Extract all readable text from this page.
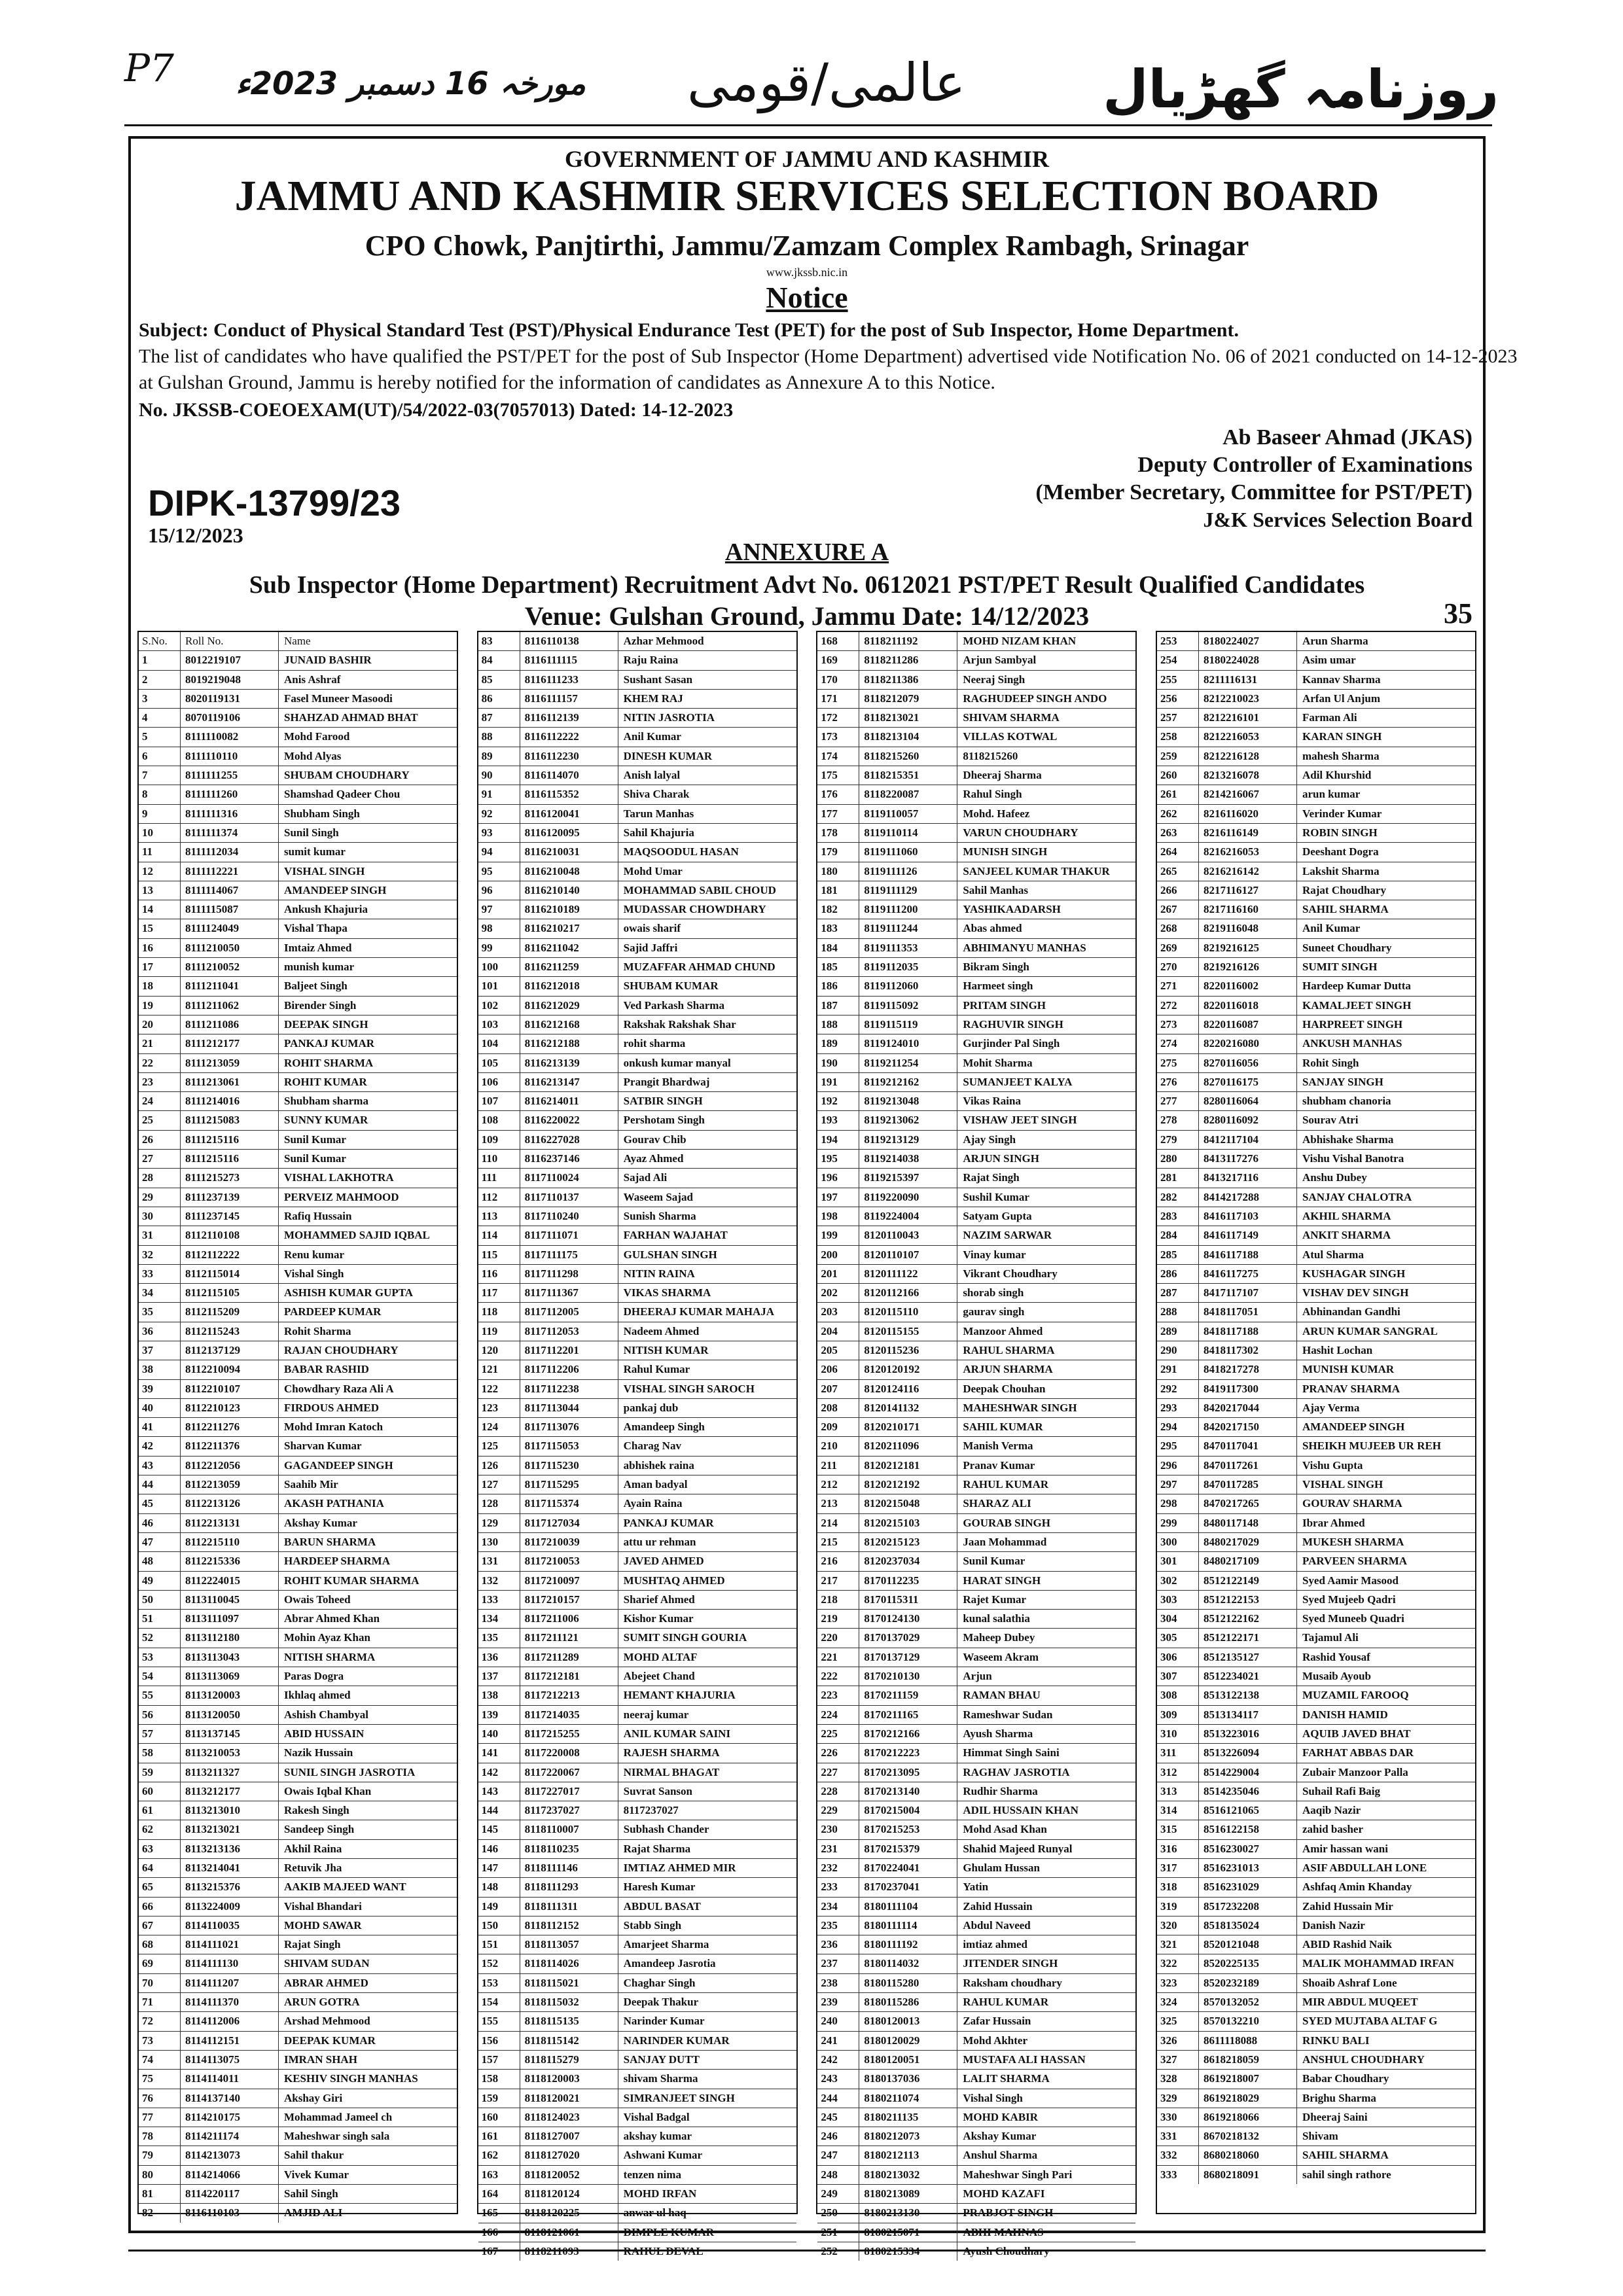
P7 مورخہ 16 دسمبر 2023ء عالمی/قومی	روزنامہ گھڑیال
GOVERNMENT OF JAMMU AND KASHMIR
JAMMU AND KASHMIR SERVICES SELECTION BOARD
CPO Chowk, Panjtirthi, Jammu/Zamzam Complex Rambagh, Srinagar
www.jkssb.nic.in
Notice
Subject: Conduct of Physical Standard Test (PST)/Physical Endurance Test (PET) for the post of Sub Inspector, Home Department.
The list of candidates who have qualified the PST/PET for the post of Sub Inspector (Home Department) advertised vide Notification No. 06 of 2021 conducted on 14-12-2023
at Gulshan Ground, Jammu is hereby notified for the information of candidates as Annexure A to this Notice.
No. JKSSB-COEOEXAM(UT)/54/2022-03(7057013) Dated: 14-12-2023
Ab Baseer Ahmad (JKAS)
Deputy Controller of Examinations
(Member Secretary, Committee for PST/PET)
J&K Services Selection Board
DIPK-13799/23
15/12/2023
ANNEXURE A
Sub Inspector (Home Department) Recruitment Advt No. 0612021 PST/PET Result Qualified Candidates
Venue: Gulshan Ground, Jammu Date: 14/12/2023	35
S.No.	Roll No.	Name
1	8012219107	JUNAID BASHIR
2	8019219048	Anis Ashraf
3	8020119131	Fasel Muneer Masoodi
4	8070119106	SHAHZAD AHMAD BHAT
5	8111110082	Mohd Farood
6	8111110110	Mohd Alyas
7	8111111255	SHUBAM CHOUDHARY
8	8111111260	Shamshad Qadeer Chou
9	8111111316	Shubham Singh
10	8111111374	Sunil Singh
11	8111112034	sumit kumar
12	8111112221	VISHAL SINGH
13	8111114067	AMANDEEP SINGH
14	8111115087	Ankush Khajuria
15	8111124049	Vishal Thapa
16	8111210050	Imtaiz Ahmed
17	8111210052	munish kumar
18	8111211041	Baljeet Singh
19	8111211062	Birender Singh
20	8111211086	DEEPAK SINGH
21	8111212177	PANKAJ KUMAR
22	8111213059	ROHIT SHARMA
23	8111213061	ROHIT KUMAR
24	8111214016	Shubham sharma
25	8111215083	SUNNY KUMAR
26	8111215116	Sunil Kumar
27	8111215116	Sunil Kumar
28	8111215273	VISHAL LAKHOTRA
29	8111237139	PERVEIZ MAHMOOD
30	8111237145	Rafiq Hussain
31	8112110108	MOHAMMED SAJID IQBAL
32	8112112222	Renu kumar
33	8112115014	Vishal Singh
34	8112115105	ASHISH KUMAR GUPTA
35	8112115209	PARDEEP KUMAR
36	8112115243	Rohit Sharma
37	8112137129	RAJAN CHOUDHARY
38	8112210094	BABAR RASHID
39	8112210107	Chowdhary Raza Ali A
40	8112210123	FIRDOUS AHMED
41	8112211276	Mohd Imran Katoch
42	8112211376	Sharvan Kumar
43	8112212056	GAGANDEEP SINGH
44	8112213059	Saahib Mir
45	8112213126	AKASH PATHANIA
46	8112213131	Akshay Kumar
47	8112215110	BARUN SHARMA
48	8112215336	HARDEEP SHARMA
49	8112224015	ROHIT KUMAR SHARMA
50	8113110045	Owais Toheed
51	8113111097	Abrar Ahmed Khan
52	8113112180	Mohin Ayaz Khan
53	8113113043	NITISH SHARMA
54	8113113069	Paras Dogra
55	8113120003	Ikhlaq ahmed
56	8113120050	Ashish Chambyal
57	8113137145	ABID HUSSAIN
58	8113210053	Nazik Hussain
59	8113211327	SUNIL SINGH JASROTIA
60	8113212177	Owais Iqbal Khan
61	8113213010	Rakesh Singh
62	8113213021	Sandeep Singh
63	8113213136	Akhil Raina
64	8113214041	Retuvik Jha
65	8113215376	AAKIB MAJEED WANT
66	8113224009	Vishal Bhandari
67	8114110035	MOHD SAWAR
68	8114111021	Rajat Singh
69	8114111130	SHIVAM SUDAN
70	8114111207	ABRAR AHMED
71	8114111370	ARUN GOTRA
72	8114112006	Arshad Mehmood
73	8114112151	DEEPAK KUMAR
74	8114113075	IMRAN SHAH
75	8114114011	KESHIV SINGH MANHAS
76	8114137140	Akshay Giri
77	8114210175	Mohammad Jameel ch
78	8114211174	Maheshwar singh sala
79	8114213073	Sahil thakur
80	8114214066	Vivek Kumar
81	8114220117	Sahil Singh
82	8116110103	AMJID ALI
83	8116110138	Azhar Mehmood
84	8116111115	Raju Raina
85	8116111233	Sushant Sasan
86	8116111157	KHEM RAJ
87	8116112139	NITIN JASROTIA
88	8116112222	Anil Kumar
89	8116112230	DINESH KUMAR
90	8116114070	Anish lalyal
91	8116115352	Shiva Charak
92	8116120041	Tarun Manhas
93	8116120095	Sahil Khajuria
94	8116210031	MAQSOODUL HASAN
95	8116210048	Mohd Umar
96	8116210140	MOHAMMAD SABIL CHOUD
97	8116210189	MUDASSAR CHOWDHARY
98	8116210217	owais sharif
99	8116211042	Sajid Jaffri
100	8116211259	MUZAFFAR AHMAD CHUND
101	8116212018	SHUBAM KUMAR
102	8116212029	Ved Parkash Sharma
103	8116212168	Rakshak Rakshak Shar
104	8116212188	rohit sharma
105	8116213139	onkush kumar manyal
106	8116213147	Prangit Bhardwaj
107	8116214011	SATBIR SINGH
108	8116220022	Pershotam Singh
109	8116227028	Gourav Chib
110	8116237146	Ayaz Ahmed
111	8117110024	Sajad Ali
112	8117110137	Waseem Sajad
113	8117110240	Sunish Sharma
114	8117111071	FARHAN WAJAHAT
115	8117111175	GULSHAN SINGH
116	8117111298	NITIN RAINA
117	8117111367	VIKAS SHARMA
118	8117112005	DHEERAJ KUMAR MAHAJA
119	8117112053	Nadeem Ahmed
120	8117112201	NITISH KUMAR
121	8117112206	Rahul Kumar
122	8117112238	VISHAL SINGH SAROCH
123	8117113044	pankaj dub
124	8117113076	Amandeep Singh
125	8117115053	Charag Nav
126	8117115230	abhishek raina
127	8117115295	Aman badyal
128	8117115374	Ayain Raina
129	8117127034	PANKAJ KUMAR
130	8117210039	attu ur rehman
131	8117210053	JAVED AHMED
132	8117210097	MUSHTAQ AHMED
133	8117210157	Sharief Ahmed
134	8117211006	Kishor Kumar
135	8117211121	SUMIT SINGH GOURIA
136	8117211289	MOHD ALTAF
137	8117212181	Abejeet Chand
138	8117212213	HEMANT KHAJURIA
139	8117214035	neeraj kumar
140	8117215255	ANIL KUMAR SAINI
141	8117220008	RAJESH SHARMA
142	8117220067	NIRMAL BHAGAT
143	8117227017	Suvrat Sanson
144	8117237027	8117237027
145	8118110007	Subhash Chander
146	8118110235	Rajat Sharma
147	8118111146	IMTIAZ AHMED MIR
148	8118111293	Haresh Kumar
149	8118111311	ABDUL BASAT
150	8118112152	Stabb Singh
151	8118113057	Amarjeet Sharma
152	8118114026	Amandeep Jasrotia
153	8118115021	Chaghar Singh
154	8118115032	Deepak Thakur
155	8118115135	Narinder Kumar
156	8118115142	NARINDER KUMAR
157	8118115279	SANJAY DUTT
158	8118120003	shivam Sharma
159	8118120021	SIMRANJEET SINGH
160	8118124023	Vishal Badgal
161	8118127007	akshay kumar
162	8118127020	Ashwani Kumar
163	8118120052	tenzen nima
164	8118120124	MOHD IRFAN
165	8118120225	anwar ul haq
166	8118121061	DIMPLE KUMAR
167	8118211093	RAHUL DEVAL
168	8118211192	MOHD NIZAM KHAN
169	8118211286	Arjun Sambyal
170	8118211386	Neeraj Singh
171	8118212079	RAGHUDEEP SINGH ANDO
172	8118213021	SHIVAM SHARMA
173	8118213104	VILLAS KOTWAL
174	8118215260	8118215260
175	8118215351	Dheeraj Sharma
176	8118220087	Rahul Singh
177	8119110057	Mohd. Hafeez
178	8119110114	VARUN CHOUDHARY
179	8119111060	MUNISH SINGH
180	8119111126	SANJEEL KUMAR THAKUR
181	8119111129	Sahil Manhas
182	8119111200	YASHIKAADARSH
183	8119111244	Abas ahmed
184	8119111353	ABHIMANYU MANHAS
185	8119112035	Bikram Singh
186	8119112060	Harmeet singh
187	8119115092	PRITAM SINGH
188	8119115119	RAGHUVIR SINGH
189	8119124010	Gurjinder Pal Singh
190	8119211254	Mohit Sharma
191	8119212162	SUMANJEET KALYA
192	8119213048	Vikas Raina
193	8119213062	VISHAW JEET SINGH
194	8119213129	Ajay Singh
195	8119214038	ARJUN SINGH
196	8119215397	Rajat Singh
197	8119220090	Sushil Kumar
198	8119224004	Satyam Gupta
199	8120110043	NAZIM SARWAR
200	8120110107	Vinay kumar
201	8120111122	Vikrant Choudhary
202	8120112166	shorab singh
203	8120115110	gaurav singh
204	8120115155	Manzoor Ahmed
205	8120115236	RAHUL SHARMA
206	8120120192	ARJUN SHARMA
207	8120124116	Deepak Chouhan
208	8120141132	MAHESHWAR SINGH
209	8120210171	SAHIL KUMAR
210	8120211096	Manish Verma
211	8120212181	Pranav Kumar
212	8120212192	RAHUL KUMAR
213	8120215048	SHARAZ ALI
214	8120215103	GOURAB SINGH
215	8120215123	Jaan Mohammad
216	8120237034	Sunil Kumar
217	8170112235	HARAT SINGH
218	8170115311	Rajet Kumar
219	8170124130	kunal salathia
220	8170137029	Maheep Dubey
221	8170137129	Waseem Akram
222	8170210130	Arjun
223	8170211159	RAMAN BHAU
224	8170211165	Rameshwar Sudan
225	8170212166	Ayush Sharma
226	8170212223	Himmat Singh Saini
227	8170213095	RAGHAV JASROTIA
228	8170213140	Rudhir Sharma
229	8170215004	ADIL HUSSAIN KHAN
230	8170215253	Mohd Asad Khan
231	8170215379	Shahid Majeed Runyal
232	8170224041	Ghulam Hussan
233	8170237041	Yatin
234	8180111104	Zahid Hussain
235	8180111114	Abdul Naveed
236	8180111192	imtiaz ahmed
237	8180114032	JITENDER SINGH
238	8180115280	Raksham choudhary
239	8180115286	RAHUL KUMAR
240	8180120013	Zafar Hussain
241	8180120029	Mohd Akhter
242	8180120051	MUSTAFA ALI HASSAN
243	8180137036	LALIT SHARMA
244	8180211074	Vishal Singh
245	8180211135	MOHD KABIR
246	8180212073	Akshay Kumar
247	8180212113	Anshul Sharma
248	8180213032	Maheshwar Singh Pari
249	8180213089	MOHD KAZAFI
250	8180213130	PRABJOT SINGH
251	8180215071	ABHI MAHNAS
252	8180215334	Ayush Choudhary
253	8180224027	Arun Sharma
254	8180224028	Asim umar
255	8211116131	Kannav Sharma
256	8212210023	Arfan Ul Anjum
257	8212216101	Farman Ali
258	8212216053	KARAN SINGH
259	8212216128	mahesh Sharma
260	8213216078	Adil Khurshid
261	8214216067	arun kumar
262	8216116020	Verinder Kumar
263	8216116149	ROBIN SINGH
264	8216216053	Deeshant Dogra
265	8216216142	Lakshit Sharma
266	8217116127	Rajat Choudhary
267	8217116160	SAHIL SHARMA
268	8219116048	Anil Kumar
269	8219216125	Suneet Choudhary
270	8219216126	SUMIT SINGH
271	8220116002	Hardeep Kumar Dutta
272	8220116018	KAMALJEET SINGH
273	8220116087	HARPREET SINGH
274	8220216080	ANKUSH MANHAS
275	8270116056	Rohit Singh
276	8270116175	SANJAY SINGH
277	8280116064	shubham chanoria
278	8280116092	Sourav Atri
279	8412117104	Abhishake Sharma
280	8413117276	Vishu Vishal Banotra
281	8413217116	Anshu Dubey
282	8414217288	SANJAY CHALOTRA
283	8416117103	AKHIL SHARMA
284	8416117149	ANKIT SHARMA
285	8416117188	Atul Sharma
286	8416117275	KUSHAGAR SINGH
287	8417117107	VISHAV DEV SINGH
288	8418117051	Abhinandan Gandhi
289	8418117188	ARUN KUMAR SANGRAL
290	8418117302	Hashit Lochan
291	8418217278	MUNISH KUMAR
292	8419117300	PRANAV SHARMA
293	8420217044	Ajay Verma
294	8420217150	AMANDEEP SINGH
295	8470117041	SHEIKH MUJEEB UR REH
296	8470117261	Vishu Gupta
297	8470117285	VISHAL SINGH
298	8470217265	GOURAV SHARMA
299	8480117148	Ibrar Ahmed
300	8480217029	MUKESH SHARMA
301	8480217109	PARVEEN SHARMA
302	8512122149	Syed Aamir Masood
303	8512122153	Syed Mujeeb Qadri
304	8512122162	Syed Muneeb Quadri
305	8512122171	Tajamul Ali
306	8512135127	Rashid Yousaf
307	8512234021	Musaib Ayoub
308	8513122138	MUZAMIL FAROOQ
309	8513134117	DANISH HAMID
310	8513223016	AQUIB JAVED BHAT
311	8513226094	FARHAT ABBAS DAR
312	8514229004	Zubair Manzoor Palla
313	8514235046	Suhail Rafi Baig
314	8516121065	Aaqib Nazir
315	8516122158	zahid basher
316	8516230027	Amir hassan wani
317	8516231013	ASIF ABDULLAH LONE
318	8516231029	Ashfaq Amin Khanday
319	8517232208	Zahid Hussain Mir
320	8518135024	Danish Nazir
321	8520121048	ABID Rashid Naik
322	8520225135	MALIK MOHAMMAD IRFAN
323	8520232189	Shoaib Ashraf Lone
324	8570132052	MIR ABDUL MUQEET
325	8570132210	SYED MUJTABA ALTAF G
326	8611118088	RINKU BALI
327	8618218059	ANSHUL CHOUDHARY
328	8619218007	Babar Choudhary
329	8619218029	Brighu Sharma
330	8619218066	Dheeraj Saini
331	8670218132	Shivam
332	8680218060	SAHIL SHARMA
333	8680218091	sahil singh rathore
